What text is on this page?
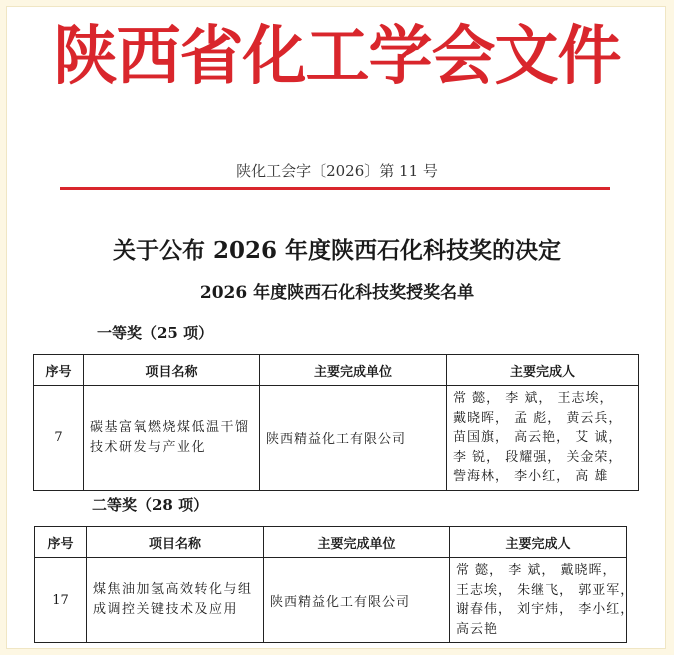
陕西省化工学会文件
陕化工会字〔2026〕第 11 号
关于公布 2026 年度陕西石化科技奖的决定
2026 年度陕西石化科技奖授奖名单
一等奖（25 项）
序号	项目名称	主要完成单位	主要完成人
7	碳基富氧燃烧煤低温干馏技术研发与产业化	陕西精益化工有限公司	常 懿， 李 斌， 王志埃，
戴晓晖， 孟 彪， 黄云兵，
苗国旗， 高云艳， 艾 诚，
李 锐， 段耀强， 关金荣，
訾海林， 李小红， 高 雄
二等奖（28 项）
序号	项目名称	主要完成单位	主要完成人
17	煤焦油加氢高效转化与组成调控关键技术及应用	陕西精益化工有限公司	常 懿， 李 斌， 戴晓晖，
王志埃， 朱继飞， 郭亚军，
谢春伟， 刘宇炜， 李小红，
高云艳
